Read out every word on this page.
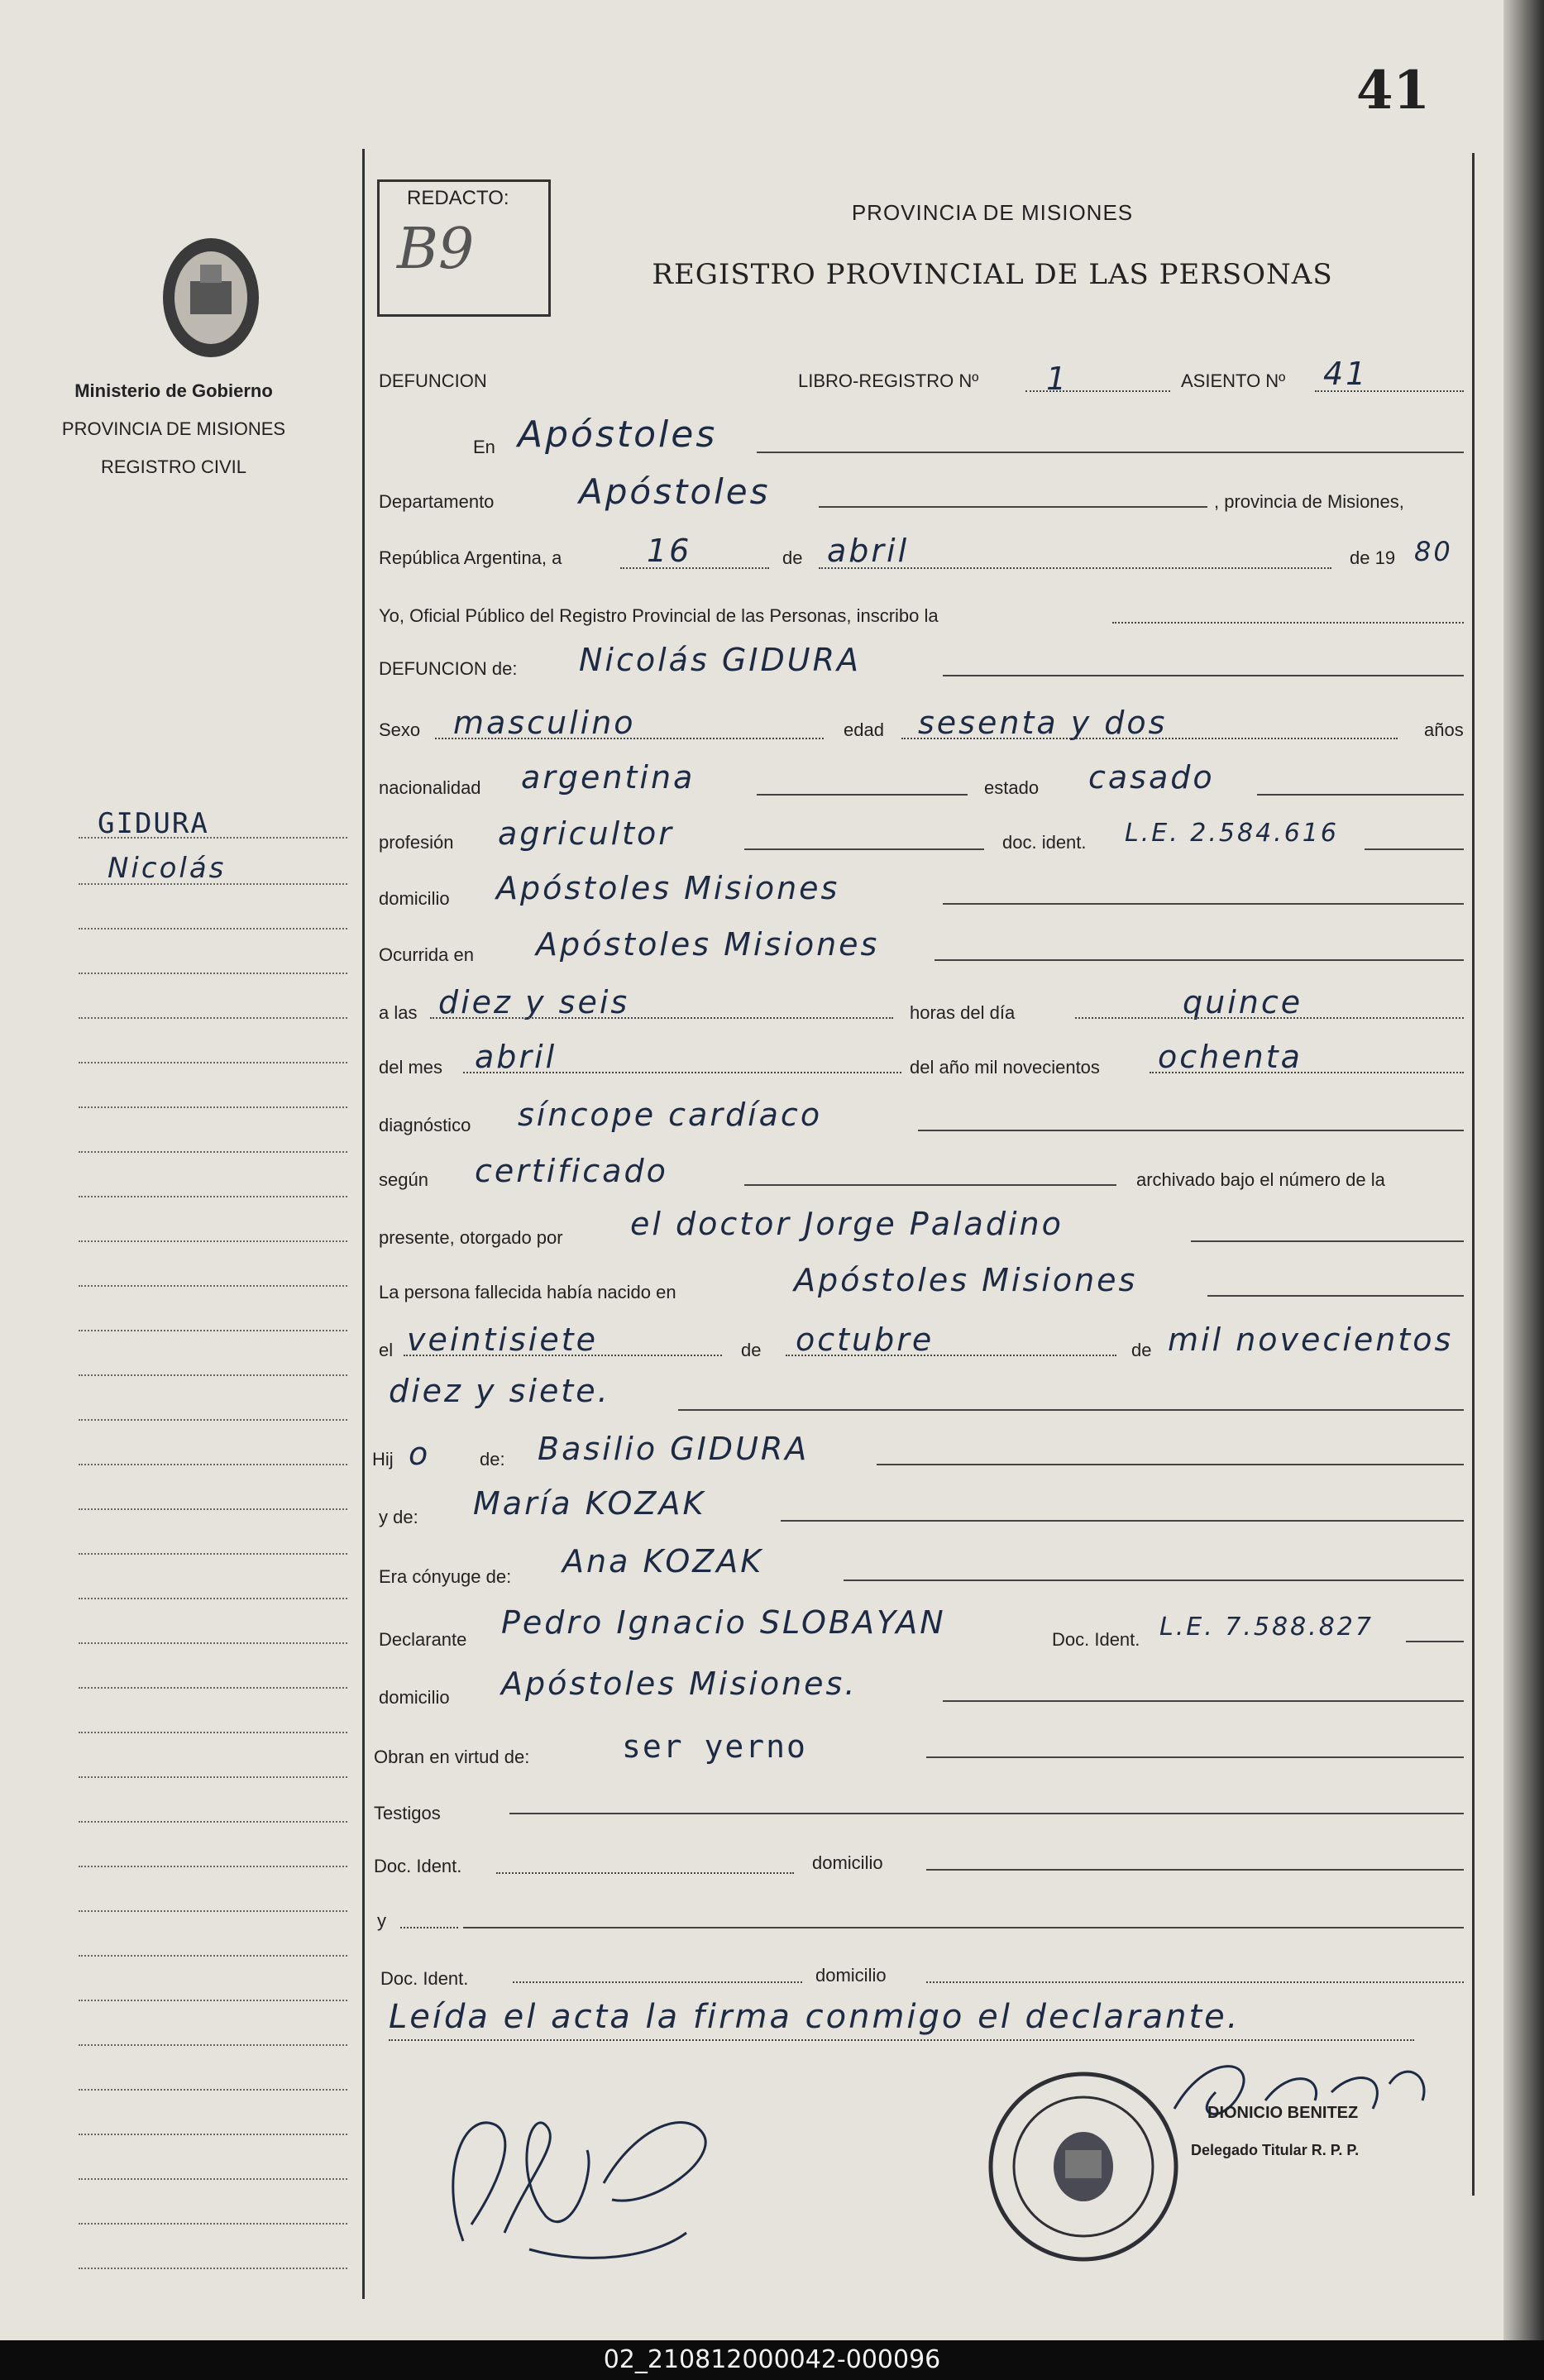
41
REDACTO:
B9
Ministerio de Gobierno
PROVINCIA DE MISIONES
REGISTRO CIVIL
GIDURA
Nicolás
PROVINCIA DE MISIONES
REGISTRO PROVINCIAL DE LAS PERSONAS
DEFUNCION	LIBRO-REGISTRO Nº 1	ASIENTO Nº 41
En Apóstoles
Departamento Apóstoles	, provincia de Misiones,
República Argentina, a	16	de abril	de 19 80
Yo, Oficial Público del Registro Provincial de las Personas, inscribo la
DEFUNCION de: Nicolás GIDURA
Sexo masculino	edad sesenta y dos	años
nacionalidad argentina	estado casado
profesión agricultor	doc. ident. L.E. 2.584.616
domicilio Apóstoles Misiones
Ocurrida en Apóstoles Misiones
a las diez y seis	horas del día	quince
del mes abril	del año mil novecientos ochenta
diagnóstico síncope cardíaco
según certificado	archivado bajo el número de la
presente, otorgado por el doctor Jorge Paladino
La persona fallecida había nacido en	Apóstoles Misiones
el veintisiete	de octubre	de mil novecientos
diez y siete.
Hij o	de: Basilio GIDURA
y de: María KOZAK
Era cónyuge de: Ana KOZAK
Declarante Pedro Ignacio SLOBAYAN	Doc. Ident. L.E. 7.588.827
domicilio Apóstoles Misiones.
Obran en virtud de:	ser yerno
Testigos
Doc. Ident.	domicilio
y
Doc. Ident.	domicilio
Leída el acta la firma conmigo el declarante.
DIONICIO BENITEZ
Delegado Titular R. P. P.
02_210812000042-000096
